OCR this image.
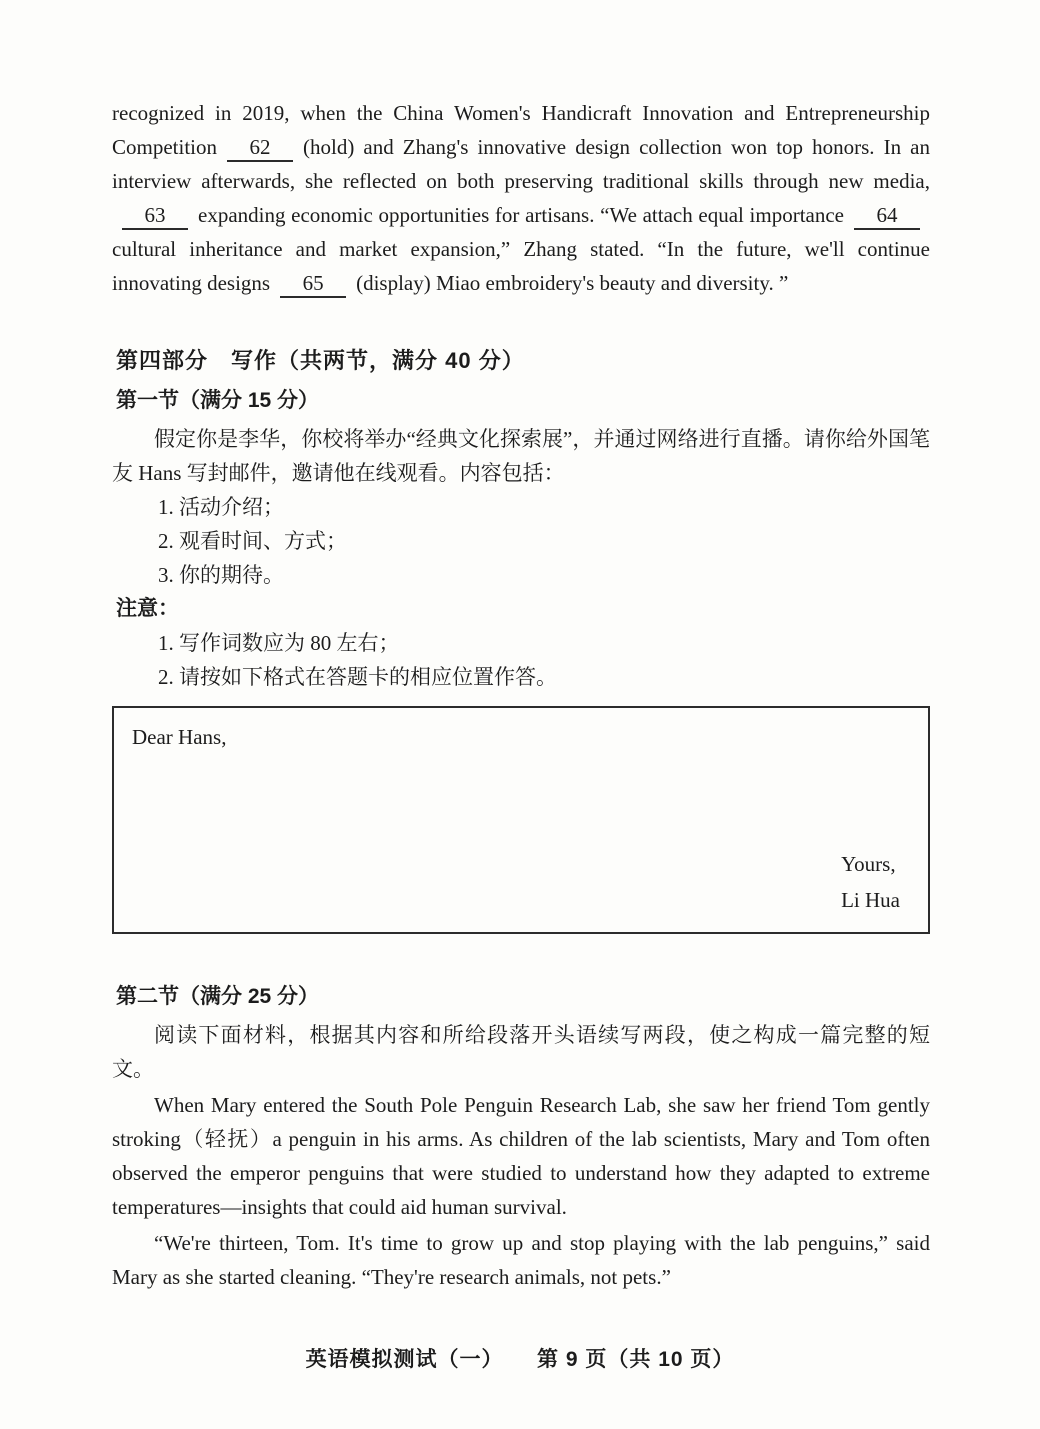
recognized in 2019, when the China Women's Handicraft Innovation and Entrepreneurship Competition 62 (hold) and Zhang's innovative design collection won top honors. In an interview afterwards, she reflected on both preserving traditional skills through new media,63 expanding economic opportunities for artisans. “We attach equal importance 64cultural inheritance and market expansion,” Zhang stated. “In the future, we'll continue innovating designs 65 (display) Miao embroidery's beauty and diversity. ”

第四部分　写作（共两节，满分 40 分）

第一节（满分 15 分）

假定你是李华，你校将举办“经典文化探索展”，并通过网络进行直播。请你给外国笔友 Hans 写封邮件，邀请他在线观看。内容包括：

1. 活动介绍；
2. 观看时间、方式；
3. 你的期待。
注意：
1. 写作词数应为 80 左右；
2. 请按如下格式在答题卡的相应位置作答。
Dear Hans,
Yours,
Li Hua

第二节（满分 25 分）

阅读下面材料，根据其内容和所给段落开头语续写两段，使之构成一篇完整的短文。

When Mary entered the South Pole Penguin Research Lab, she saw her friend Tom gently stroking（轻抚）a penguin in his arms. As children of the lab scientists, Mary and Tom often observed the emperor penguins that were studied to understand how they adapted to extreme temperatures—insights that could aid human survival.

“We're thirteen, Tom. It's time to grow up and stop playing with the lab penguins,” said Mary as she started cleaning. “They're research animals, not pets.”

英语模拟测试（一）　　第 9 页（共 10 页）
